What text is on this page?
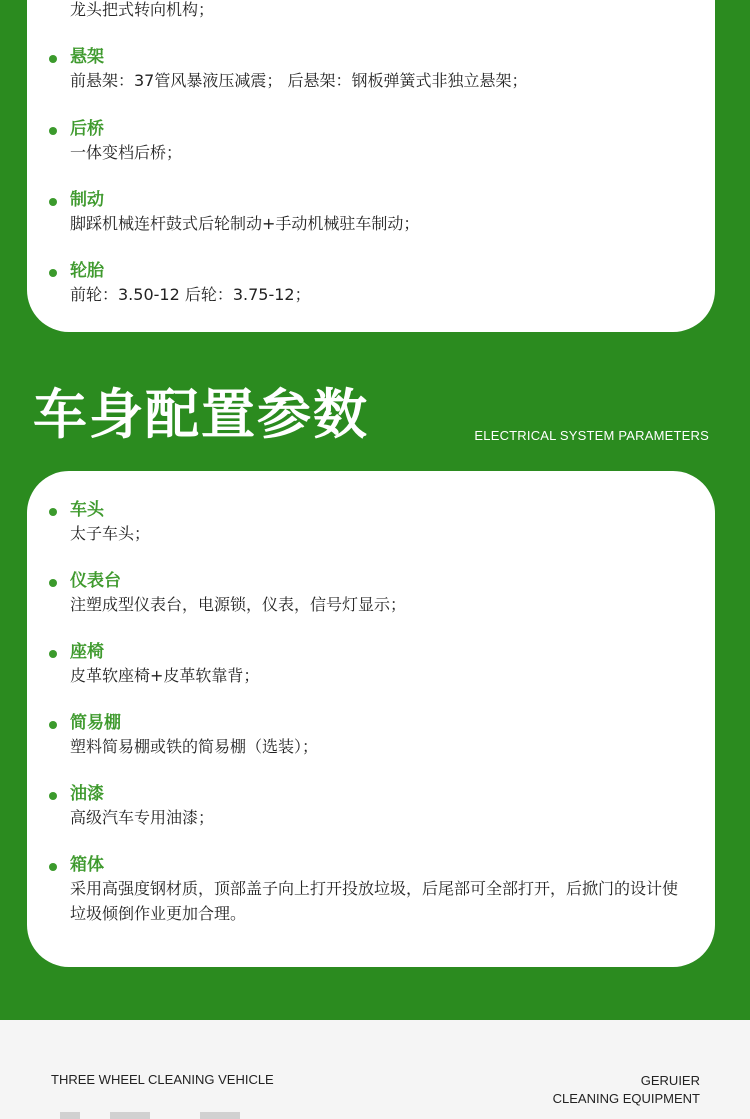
龙头把式转向机构；
悬架
前悬架：37管风暴液压减震； 后悬架：钢板弹簧式非独立悬架；
后桥
一体变档后桥；
制动
脚踩机械连杆鼓式后轮制动+手动机械驻车制动；
轮胎
前轮：3.50-12 后轮：3.75-12；
车身配置参数	ELECTRICAL SYSTEM PARAMETERS
车头
太子车头；
仪表台
注塑成型仪表台，电源锁，仪表，信号灯显示；
座椅
皮革软座椅+皮革软靠背；
简易棚
塑料简易棚或铁的简易棚（选装）；
油漆
高级汽车专用油漆；
箱体
采用高强度钢材质，顶部盖子向上打开投放垃圾，后尾部可全部打开，后掀门的设计使垃圾倾倒作业更加合理。
THREE WHEEL CLEANING VEHICLE	GERUIER
CLEANING EQUIPMENT
